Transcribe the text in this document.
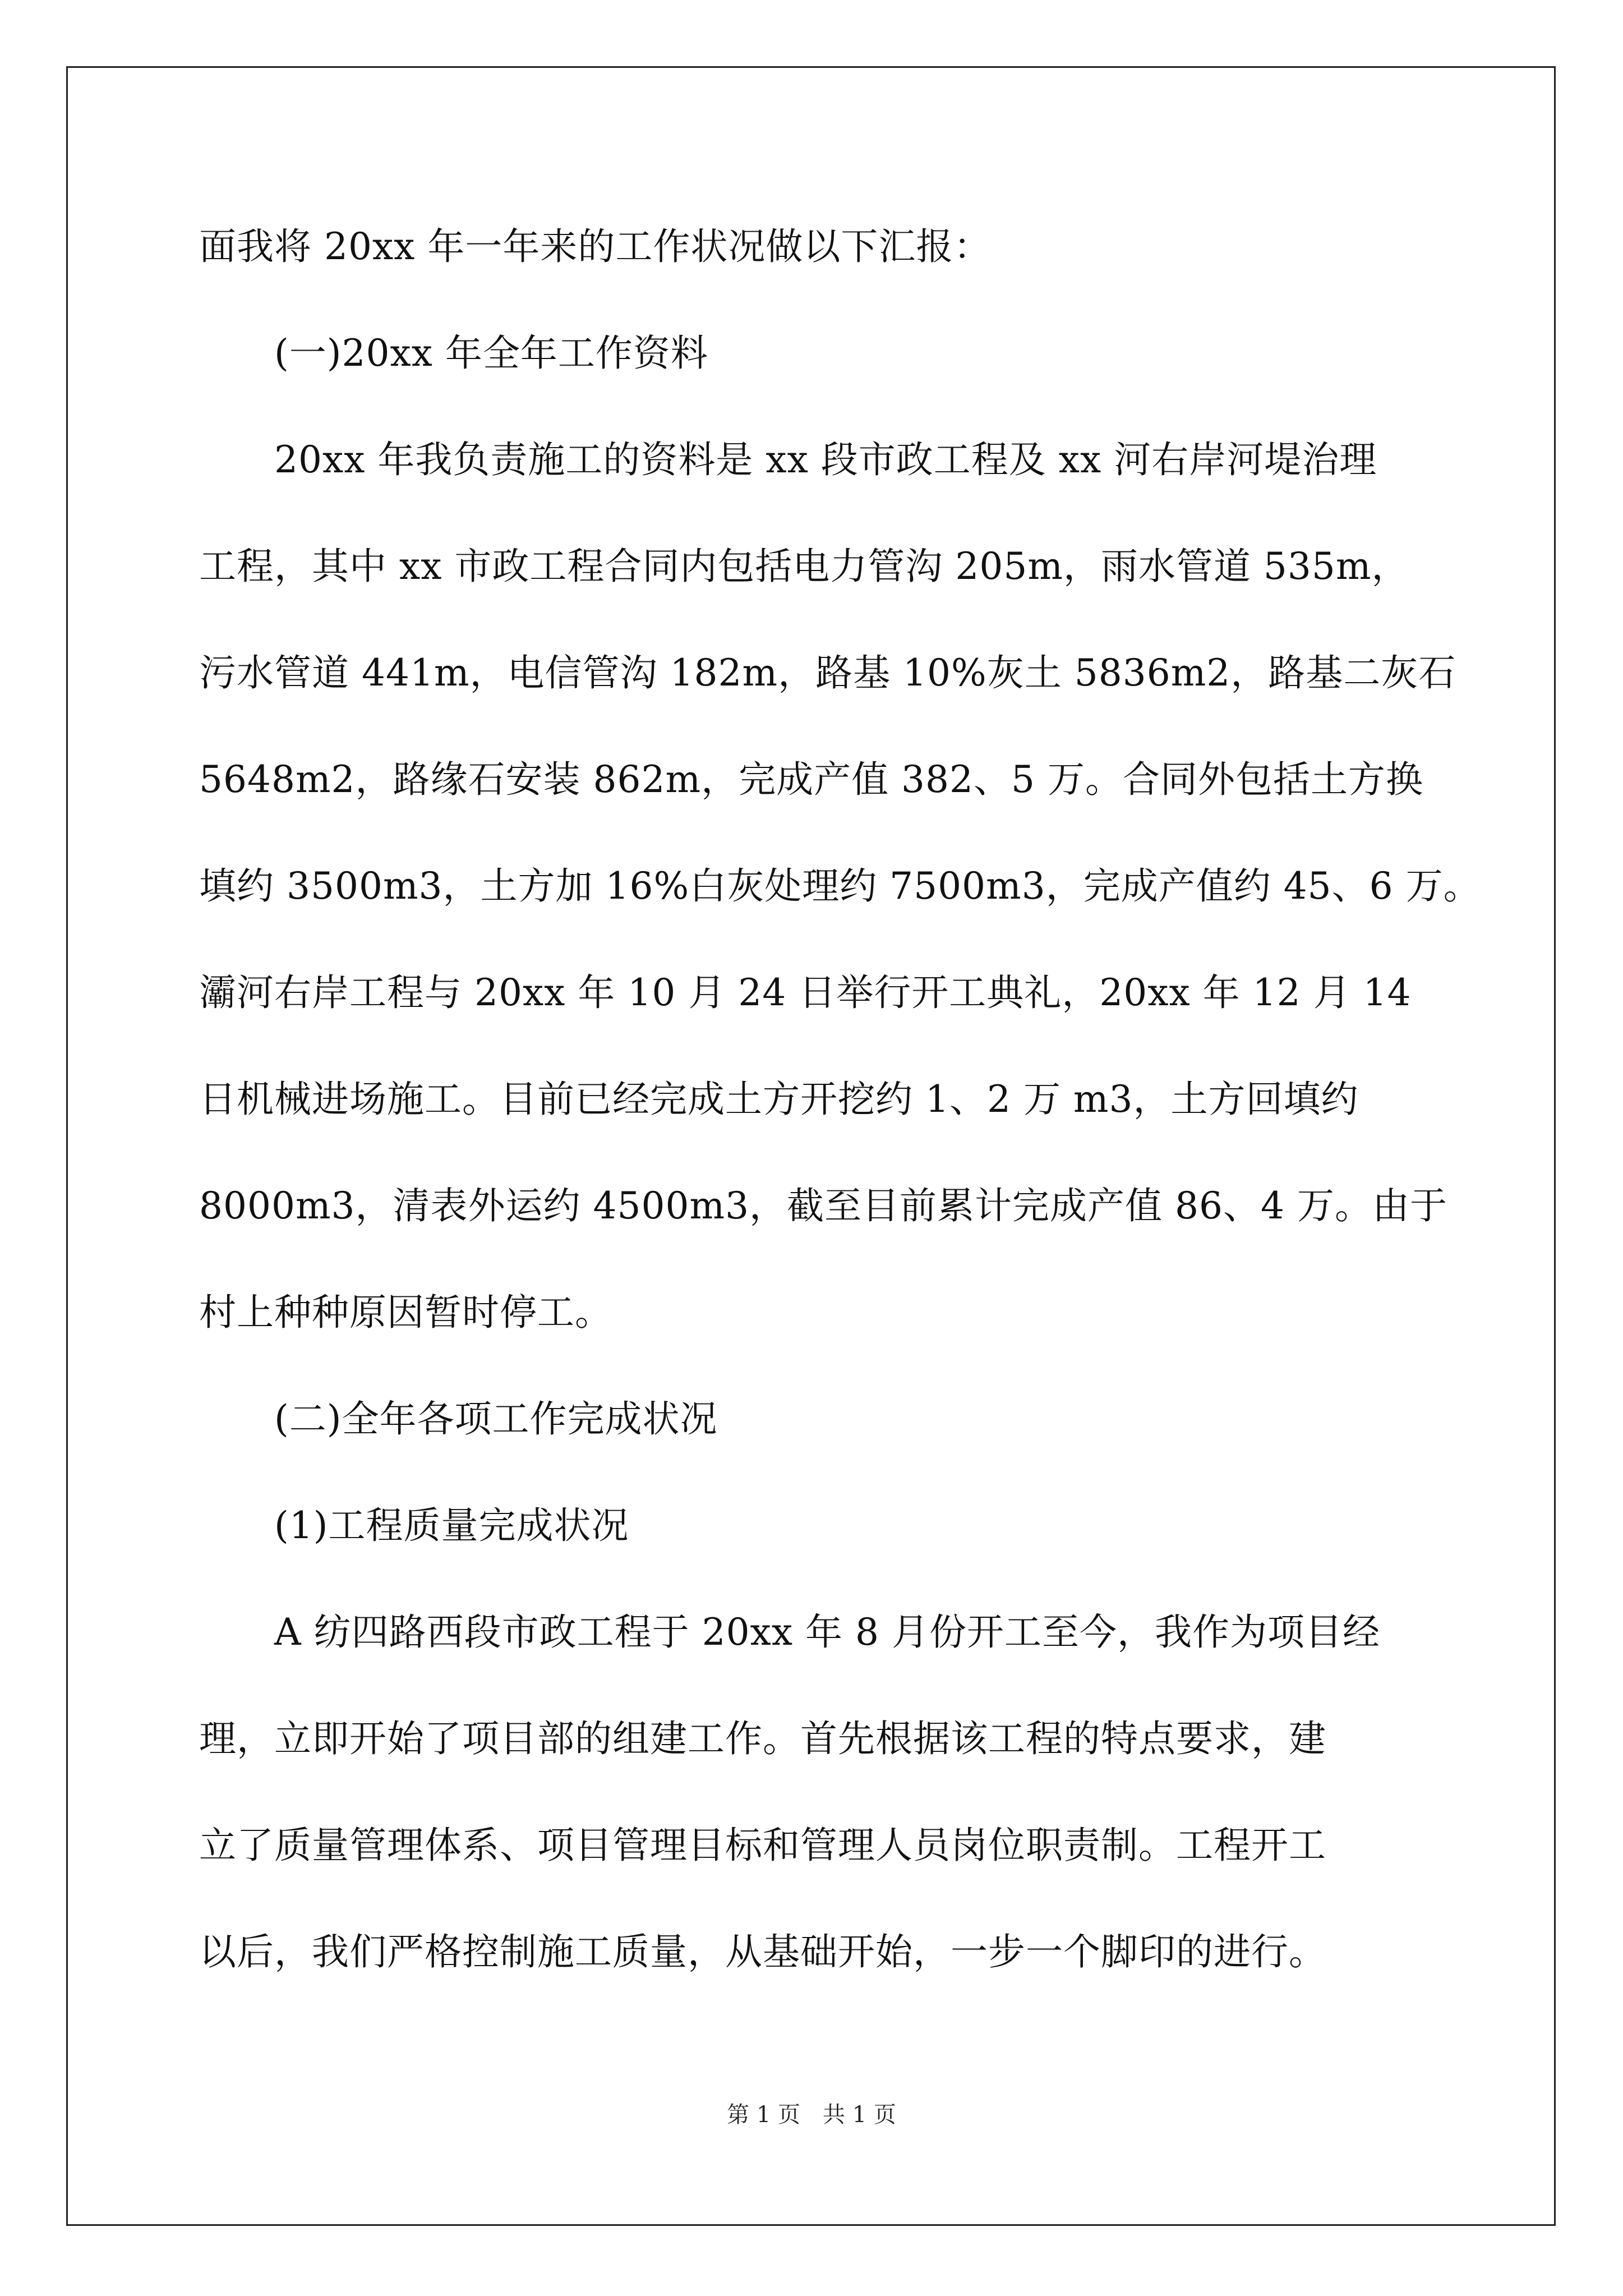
面我将 20xx 年一年来的工作状况做以下汇报：
　　(一)20xx 年全年工作资料
　　20xx 年我负责施工的资料是 xx 段市政工程及 xx 河右岸河堤治理
工程，其中 xx 市政工程合同内包括电力管沟 205m，雨水管道 535m，
污水管道 441m，电信管沟 182m，路基 10%灰土 5836m2，路基二灰石
5648m2，路缘石安装 862m，完成产值 382、5 万。合同外包括土方换
填约 3500m3，土方加 16%白灰处理约 7500m3，完成产值约 45、6 万。
灞河右岸工程与 20xx 年 10 月 24 日举行开工典礼，20xx 年 12 月 14
日机械进场施工。目前已经完成土方开挖约 1、2 万 m3，土方回填约
8000m3，清表外运约 4500m3，截至目前累计完成产值 86、4 万。由于
村上种种原因暂时停工。
　　(二)全年各项工作完成状况
　　(1)工程质量完成状况
　　A 纺四路西段市政工程于 20xx 年 8 月份开工至今，我作为项目经
理，立即开始了项目部的组建工作。首先根据该工程的特点要求，建
立了质量管理体系、项目管理目标和管理人员岗位职责制。工程开工
以后，我们严格控制施工质量，从基础开始，一步一个脚印的进行。
第 1 页　共 1 页
